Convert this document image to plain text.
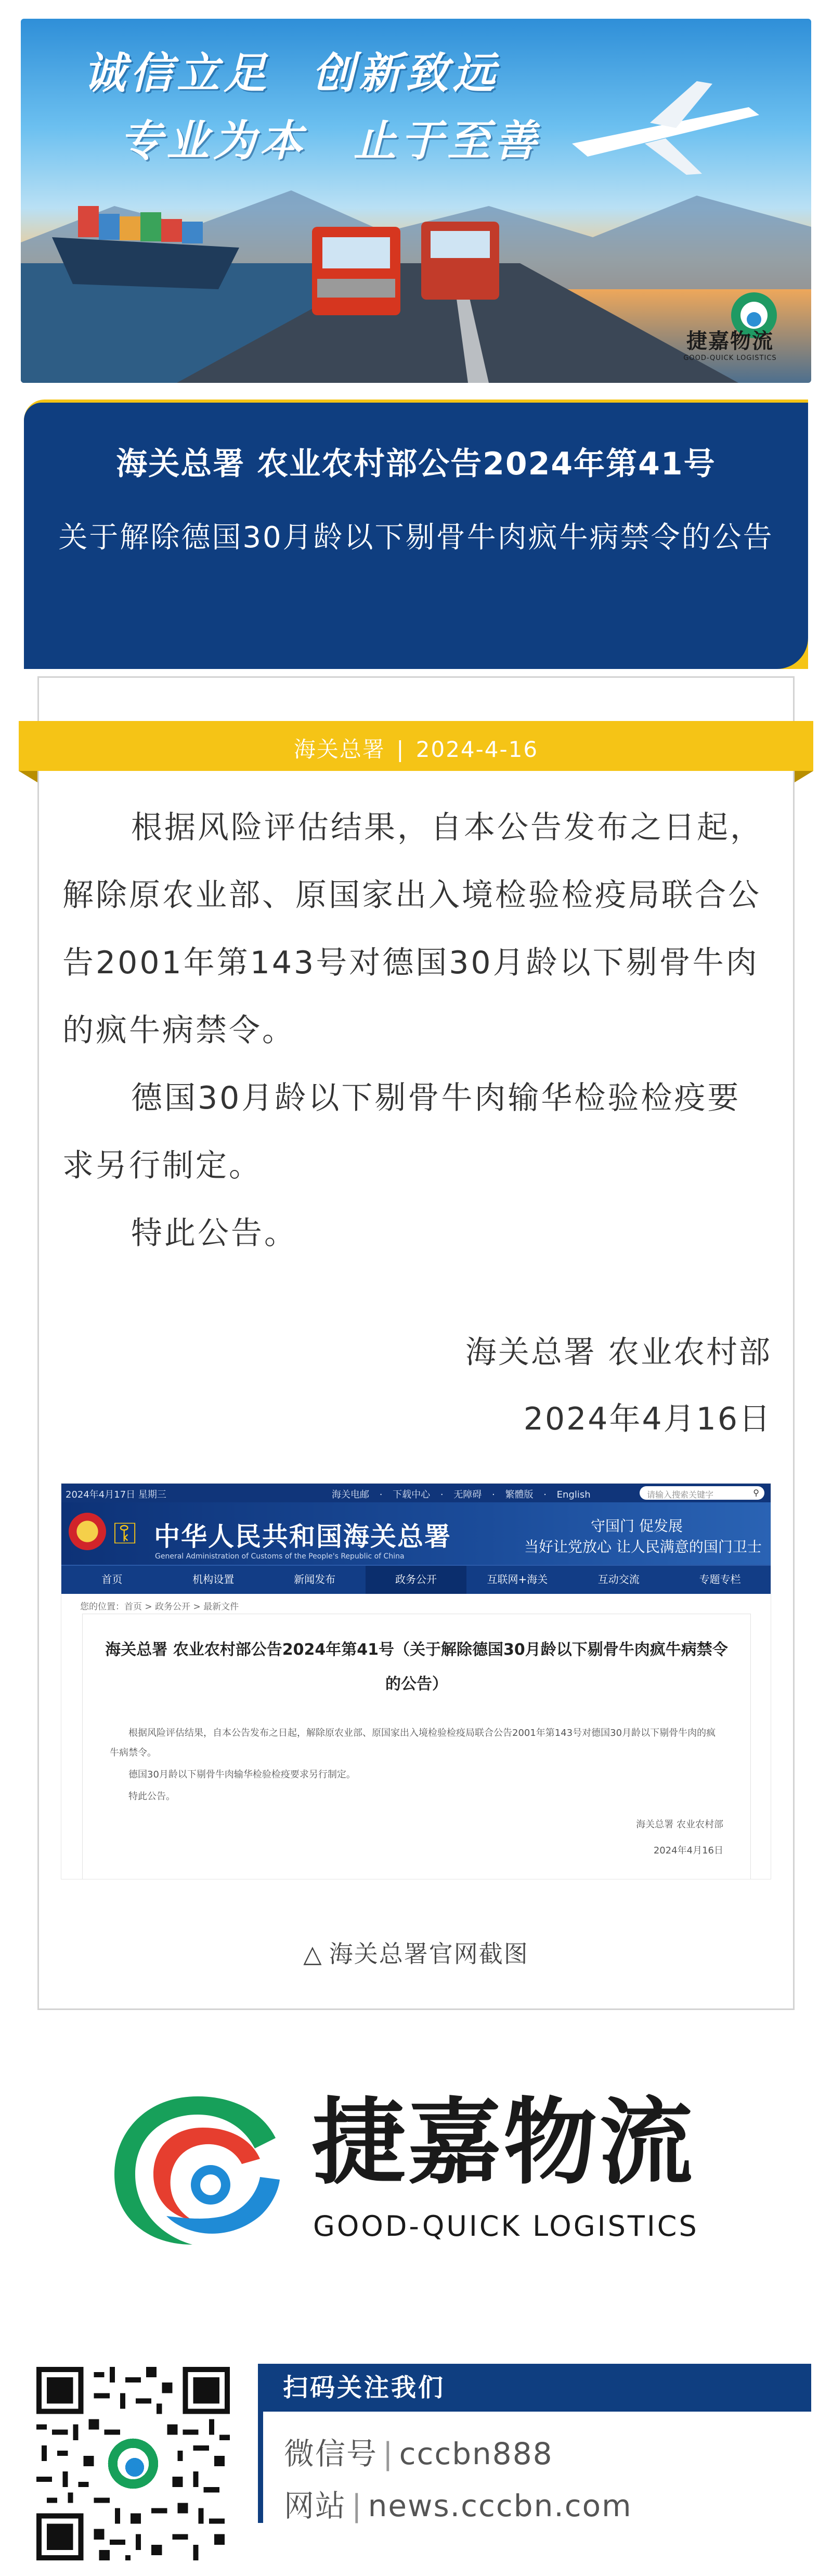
诚信立足 创新致远
专业为本 止于至善
捷嘉物流
GOOD-QUICK LOGISTICS
海关总署 农业农村部公告2024年第41号
关于解除德国30月龄以下剔骨牛肉疯牛病禁令的公告
海关总署 | 2024-4-16
根据风险评估结果，自本公告发布之日起，解除原农业部、原国家出入境检验检疫局联合公告2001年第143号对德国30月龄以下剔骨牛肉的疯牛病禁令。
德国30月龄以下剔骨牛肉输华检验检疫要求另行制定。
特此公告。
海关总署 农业农村部
2024年4月16日
2024年4月17日 星期三	海关电邮 · 下载中心 · 无障碍 · 繁體版 · English	请输入搜索关键字	⚲
⚿ 中华人民共和国海关总署
General Administration of Customs of the People's Republic of China
守国门 促发展
当好让党放心 让人民满意的国门卫士
首页	机构设置	新闻发布	政务公开	互联网+海关	互动交流	专题专栏
您的位置：首页 > 政务公开 > 最新文件
海关总署 农业农村部公告2024年第41号（关于解除德国30月龄以下剔骨牛肉疯牛病禁令的公告）
根据风险评估结果，自本公告发布之日起，解除原农业部、原国家出入境检验检疫局联合公告2001年第143号对德国30月龄以下剔骨牛肉的疯牛病禁令。
德国30月龄以下剔骨牛肉输华检验检疫要求另行制定。
特此公告。
海关总署 农业农村部
2024年4月16日
△ 海关总署官网截图
捷嘉物流
GOOD-QUICK LOGISTICS
扫码关注我们
微信号 | cccbn888
网站 | news.cccbn.com
